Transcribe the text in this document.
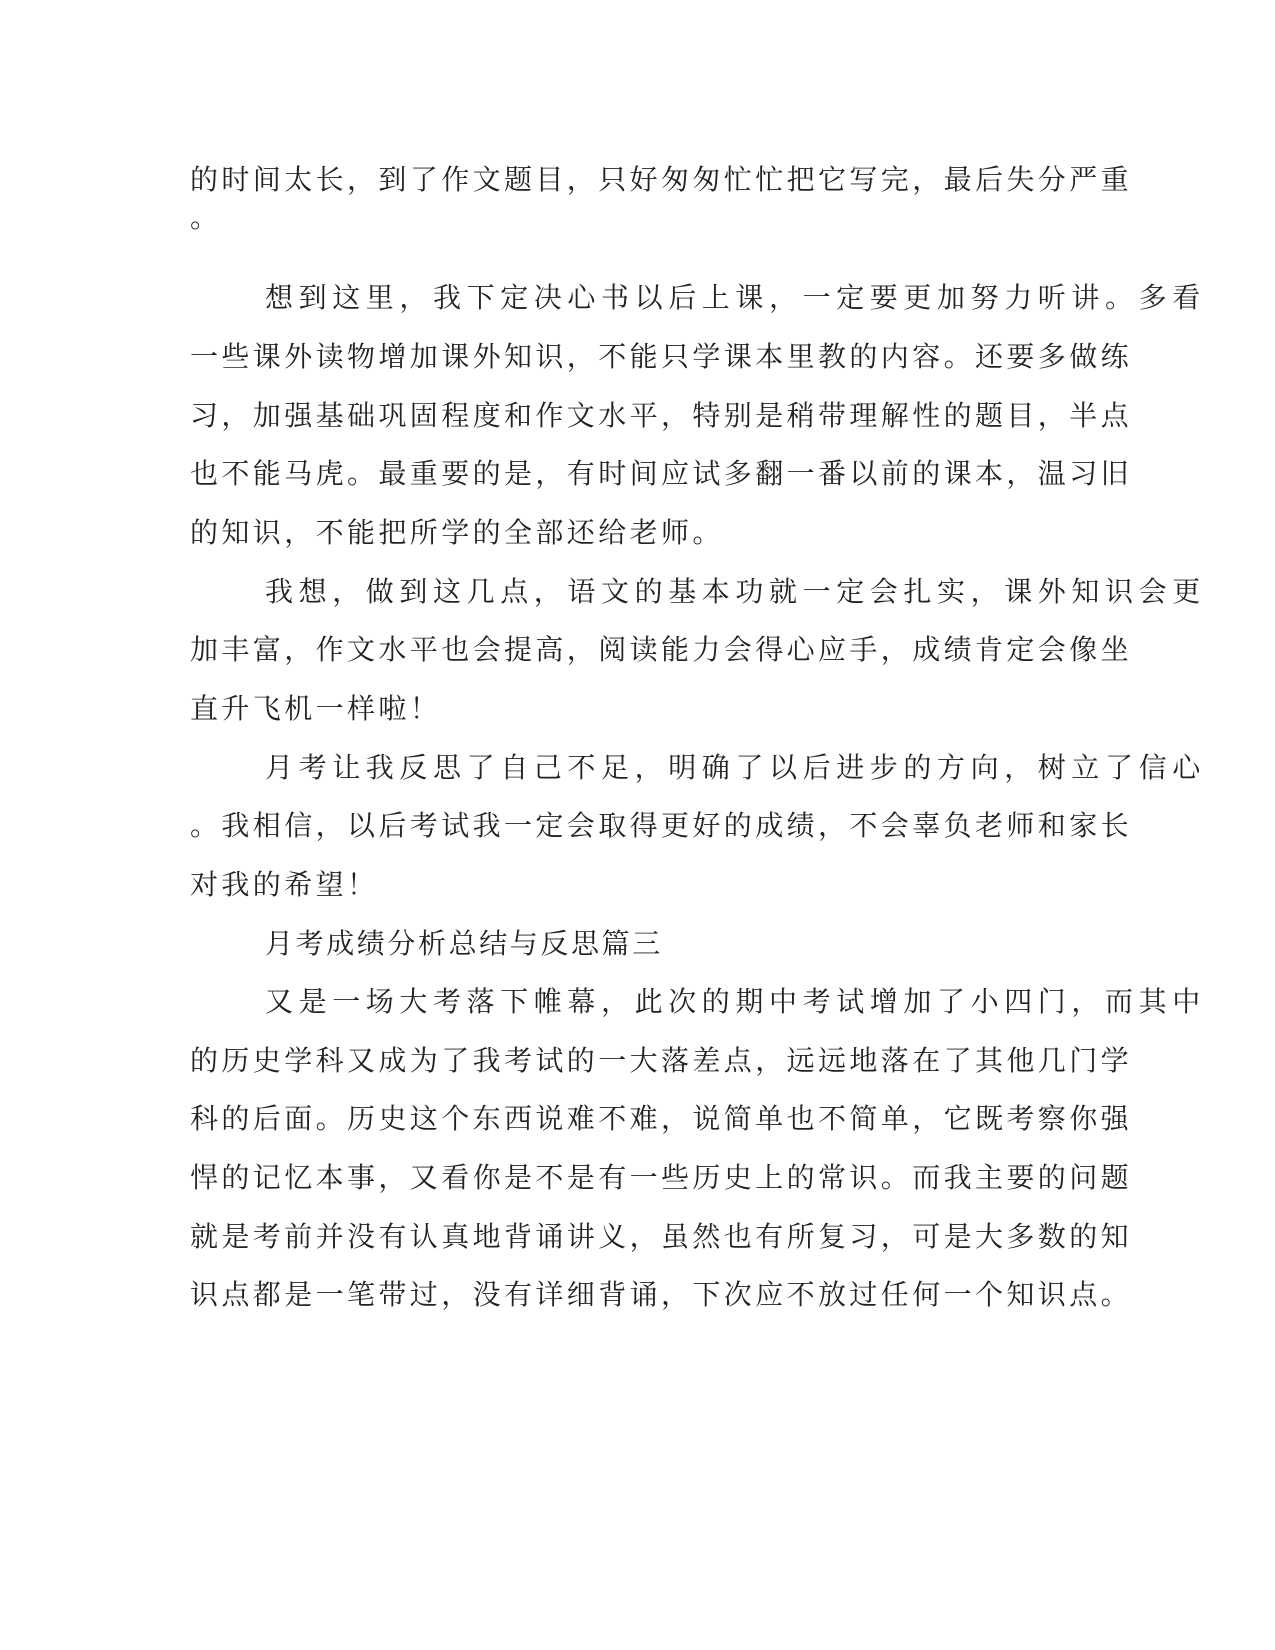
的时间太长，到了作文题目，只好匆匆忙忙把它写完，最后失分严重
。
想到这里，我下定决心书以后上课，一定要更加努力听讲。多看
一些课外读物增加课外知识，不能只学课本里教的内容。还要多做练
习，加强基础巩固程度和作文水平，特别是稍带理解性的题目，半点
也不能马虎。最重要的是，有时间应试多翻一番以前的课本，温习旧
的知识，不能把所学的全部还给老师。
我想，做到这几点，语文的基本功就一定会扎实，课外知识会更
加丰富，作文水平也会提高，阅读能力会得心应手，成绩肯定会像坐
直升飞机一样啦！
月考让我反思了自己不足，明确了以后进步的方向，树立了信心
。我相信，以后考试我一定会取得更好的成绩，不会辜负老师和家长
对我的希望！
月考成绩分析总结与反思篇三
又是一场大考落下帷幕，此次的期中考试增加了小四门，而其中
的历史学科又成为了我考试的一大落差点，远远地落在了其他几门学
科的后面。历史这个东西说难不难，说简单也不简单，它既考察你强
悍的记忆本事，又看你是不是有一些历史上的常识。而我主要的问题
就是考前并没有认真地背诵讲义，虽然也有所复习，可是大多数的知
识点都是一笔带过，没有详细背诵，下次应不放过任何一个知识点。
